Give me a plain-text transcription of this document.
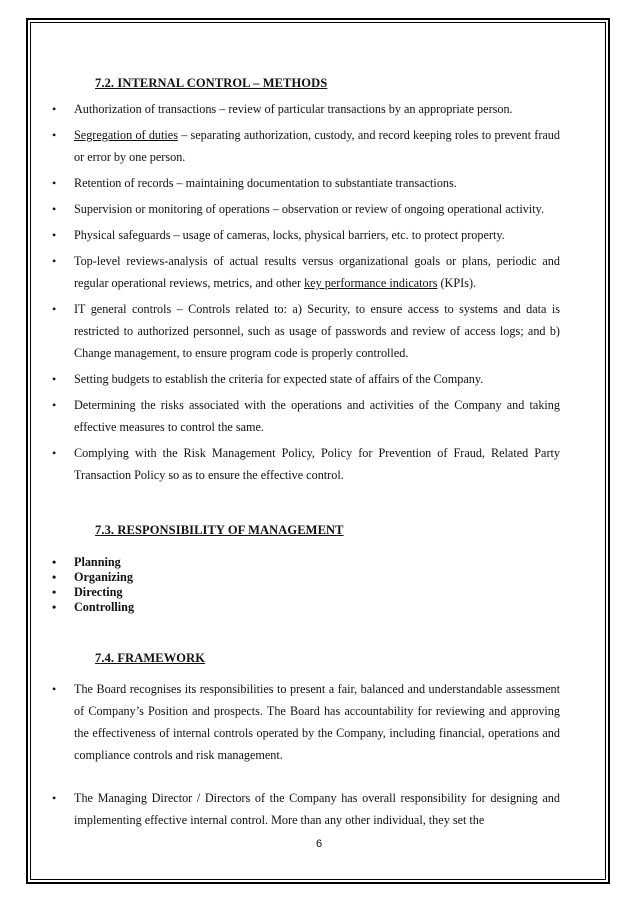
7.2. INTERNAL CONTROL – METHODS
• Authorization of transactions – review of particular transactions by an appropriate person.
• Segregation of duties – separating authorization, custody, and record keeping roles to prevent fraud or error by one person.
• Retention of records – maintaining documentation to substantiate transactions.
• Supervision or monitoring of operations – observation or review of ongoing operational activity.
• Physical safeguards – usage of cameras, locks, physical barriers, etc. to protect property.
• Top-level reviews-analysis of actual results versus organizational goals or plans, periodic and regular operational reviews, metrics, and other key performance indicators (KPIs).
• IT general controls – Controls related to: a) Security, to ensure access to systems and data is restricted to authorized personnel, such as usage of passwords and review of access logs; and b) Change management, to ensure program code is properly controlled.
• Setting budgets to establish the criteria for expected state of affairs of the Company.
• Determining the risks associated with the operations and activities of the Company and taking effective measures to control the same.
• Complying with the Risk Management Policy, Policy for Prevention of Fraud, Related Party Transaction Policy so as to ensure the effective control.
7.3. RESPONSIBILITY OF MANAGEMENT
• Planning
• Organizing
• Directing
• Controlling
7.4. FRAMEWORK
• The Board recognises its responsibilities to present a fair, balanced and understandable assessment of Company’s Position and prospects. The Board has accountability for reviewing and approving the effectiveness of internal controls operated by the Company, including financial, operations and compliance controls and risk management.
• The Managing Director / Directors of the Company has overall responsibility for designing and implementing effective internal control. More than any other individual, they set the
6
